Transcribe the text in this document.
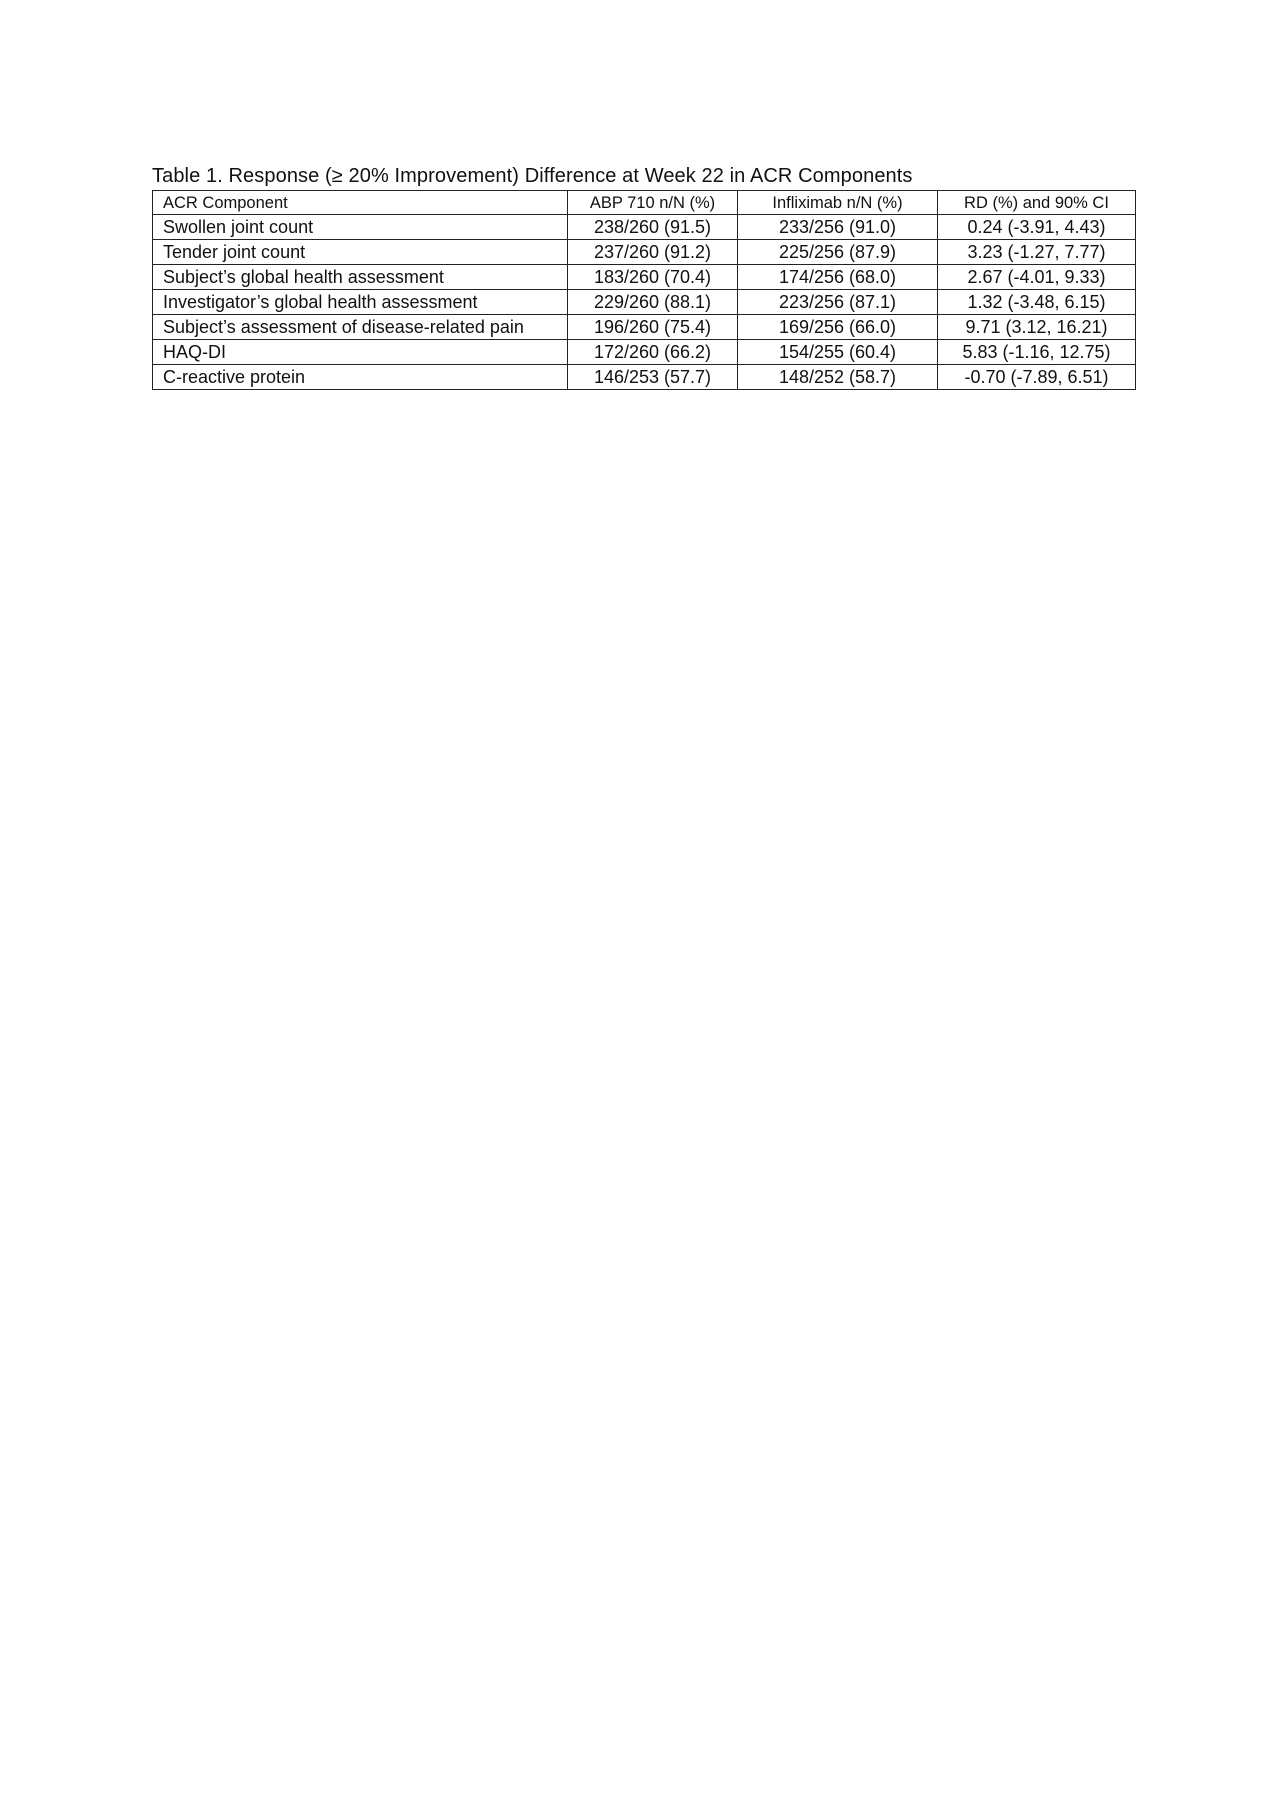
Table 1. Response (≥ 20% Improvement) Difference at Week 22 in ACR Components
ACR Component	ABP 710 n/N (%)	Infliximab n/N (%)	RD (%) and 90% CI
Swollen joint count	238/260 (91.5)	233/256 (91.0)	0.24 (-3.91, 4.43)
Tender joint count	237/260 (91.2)	225/256 (87.9)	3.23 (-1.27, 7.77)
Subject’s global health assessment	183/260 (70.4)	174/256 (68.0)	2.67 (-4.01, 9.33)
Investigator’s global health assessment	229/260 (88.1)	223/256 (87.1)	1.32 (-3.48, 6.15)
Subject’s assessment of disease-related pain	196/260 (75.4)	169/256 (66.0)	9.71 (3.12, 16.21)
HAQ-DI	172/260 (66.2)	154/255 (60.4)	5.83 (-1.16, 12.75)
C-reactive protein	146/253 (57.7)	148/252 (58.7)	-0.70 (-7.89, 6.51)
